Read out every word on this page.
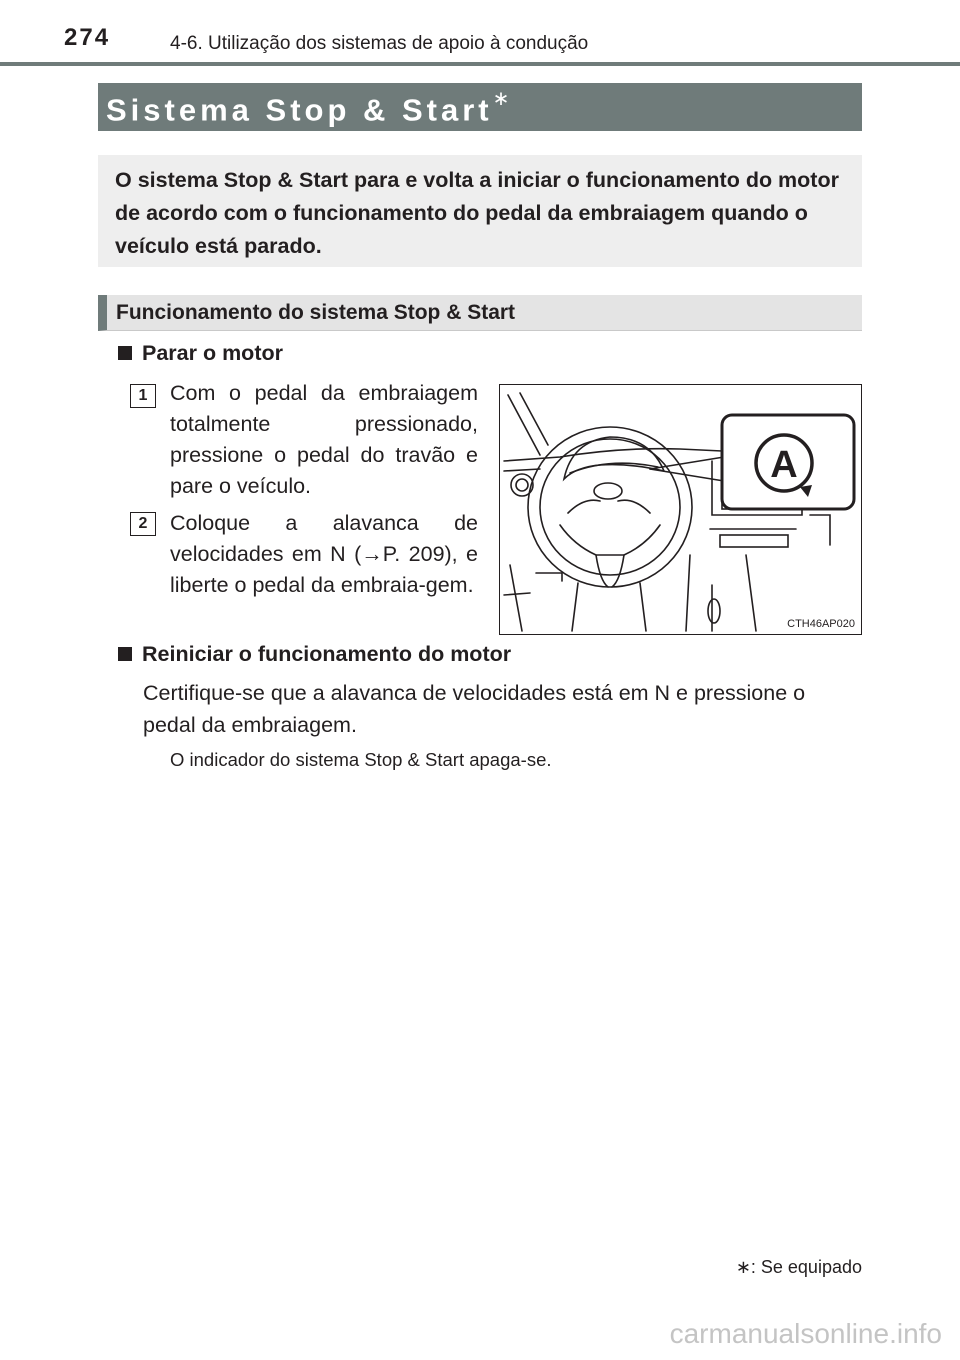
274	4-6. Utilização dos sistemas de apoio à condução
Sistema Stop & Start∗
O sistema Stop & Start para e volta a iniciar o funcionamento do motor de acordo com o funcionamento do pedal da embraiagem quando o veículo está parado.
Funcionamento do sistema Stop & Start
Parar o motor
1	Com o pedal da embraiagem totalmente pressionado, pressione o pedal do travão e pare o veículo.
2	Coloque a alavanca de velocidades em N (→P. 209), e liberte o pedal da embraia-gem.
A
CTH46AP020
Reiniciar o funcionamento do motor
Certifique-se que a alavanca de velocidades está em N e pressione o pedal da embraiagem.
O indicador do sistema Stop & Start apaga-se.
∗: Se equipado
carmanualsonline.info
